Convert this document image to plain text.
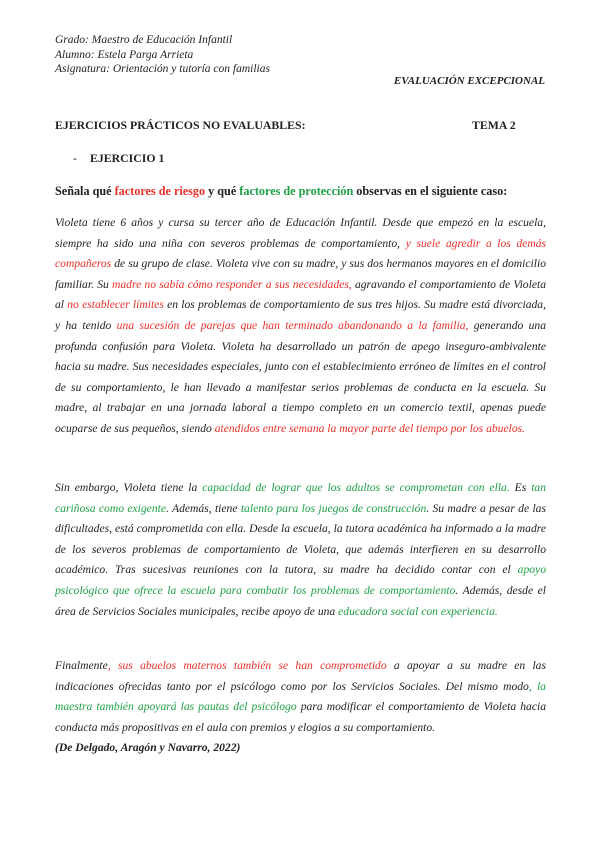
Grado: Maestro de Educación Infantil
Alumno: Estela Parga Arrieta
Asignatura: Orientación y tutoría con familias
EVALUACIÓN EXCEPCIONAL
EJERCICIOS PRÁCTICOS NO EVALUABLES:	TEMA 2
- EJERCICIO 1
Señala qué factores de riesgo y qué factores de protección observas en el siguiente caso:
Violeta tiene 6 años y cursa su tercer año de Educación Infantil. Desde que empezó en la escuela, siempre ha sido una niña con severos problemas de comportamiento, y suele agredir a los demás compañeros de su grupo de clase. Violeta vive con su madre, y sus dos hermanos mayores en el domicilio familiar. Su madre no sabía cómo responder a sus necesidades, agravando el comportamiento de Violeta al no establecer límites en los problemas de comportamiento de sus tres hijos. Su madre está divorciada, y ha tenido una sucesión de parejas que han terminado abandonando a la familia, generando una profunda confusión para Violeta. Violeta ha desarrollado un patrón de apego inseguro-ambivalente hacia su madre. Sus necesidades especiales, junto con el establecimiento erróneo de límites en el control de su comportamiento, le han llevado a manifestar serios problemas de conducta en la escuela. Su madre, al trabajar en una jornada laboral a tiempo completo en un comercio textil, apenas puede ocuparse de sus pequeños, siendo atendidos entre semana la mayor parte del tiempo por los abuelos.
Sin embargo, Violeta tiene la capacidad de lograr que los adultos se comprometan con ella. Es tan cariñosa como exigente. Además, tiene talento para los juegos de construcción. Su madre a pesar de las dificultades, está comprometida con ella. Desde la escuela, la tutora académica ha informado a la madre de los severos problemas de comportamiento de Violeta, que además interfieren en su desarrollo académico. Tras sucesivas reuniones con la tutora, su madre ha decidido contar con el apoyo psicológico que ofrece la escuela para combatir los problemas de comportamiento. Además, desde el área de Servicios Sociales municipales, recibe apoyo de una educadora social con experiencia.
Finalmente, sus abuelos maternos también se han comprometido a apoyar a su madre en las indicaciones ofrecidas tanto por el psicólogo como por los Servicios Sociales. Del mismo modo, la maestra también apoyará las pautas del psicólogo para modificar el comportamiento de Violeta hacia conducta más propositivas en el aula con premios y elogios a su comportamiento.
(De Delgado, Aragón y Navarro, 2022)
